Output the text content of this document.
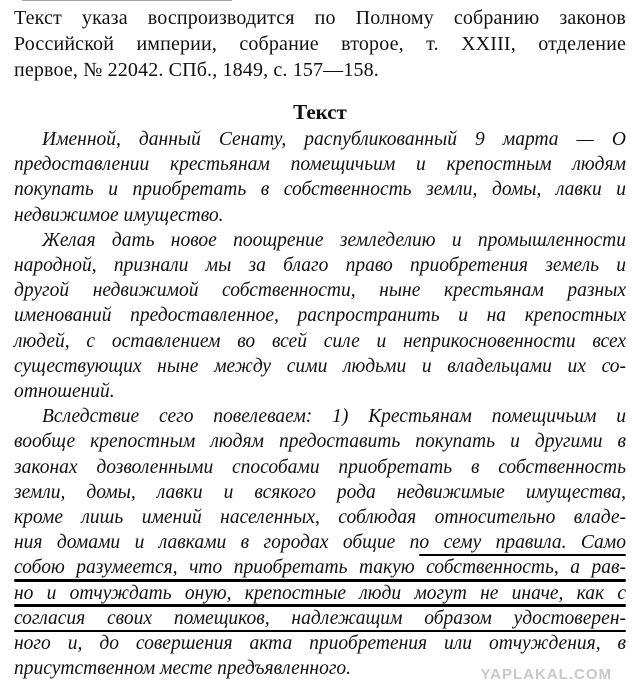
Текст указа воспроизводится по Полному собранию законов
Российской империи, собрание второе, т. XXIII, отделение
первое, № 22042. СПб., 1849, с. 157—158.
Текст
Именной, данный Сенату, распубликованный 9 марта — О
предоставлении крестьянам помещичьим и крепостным людям
покупать и приобретать в собственность земли, домы, лавки и
недвижимое имущество.
Желая дать новое поощрение земледелию и промышленности
народной, признали мы за благо право приобретения земель и
другой недвижимой собственности, ныне крестьянам разных
именований предоставленное, распространить и на крепостных
людей, с оставлением во всей силе и неприкосновенности всех
существующих ныне между сими людьми и владельцами их со-
отношений.
Вследствие сего повелеваем: 1) Крестьянам помещичьим и
вообще крепостным людям предоставить покупать и другими в
законах дозволенными способами приобретать в собственность
земли, домы, лавки и всякого рода недвижимые имущества,
кроме лишь имений населенных, соблюдая относительно владе-
ния домами и лавками в городах общие по сему правила. Само
собою разумеется, что приобретать такую собственность, а рав-
но и отчуждать оную, крепостные люди могут не иначе, как с
согласия своих помещиков, надлежащим образом удостоверен-
ного и, до совершения акта приобретения или отчуждения, в
присутственном месте предъявленного.	YAPLAKAL.COM
